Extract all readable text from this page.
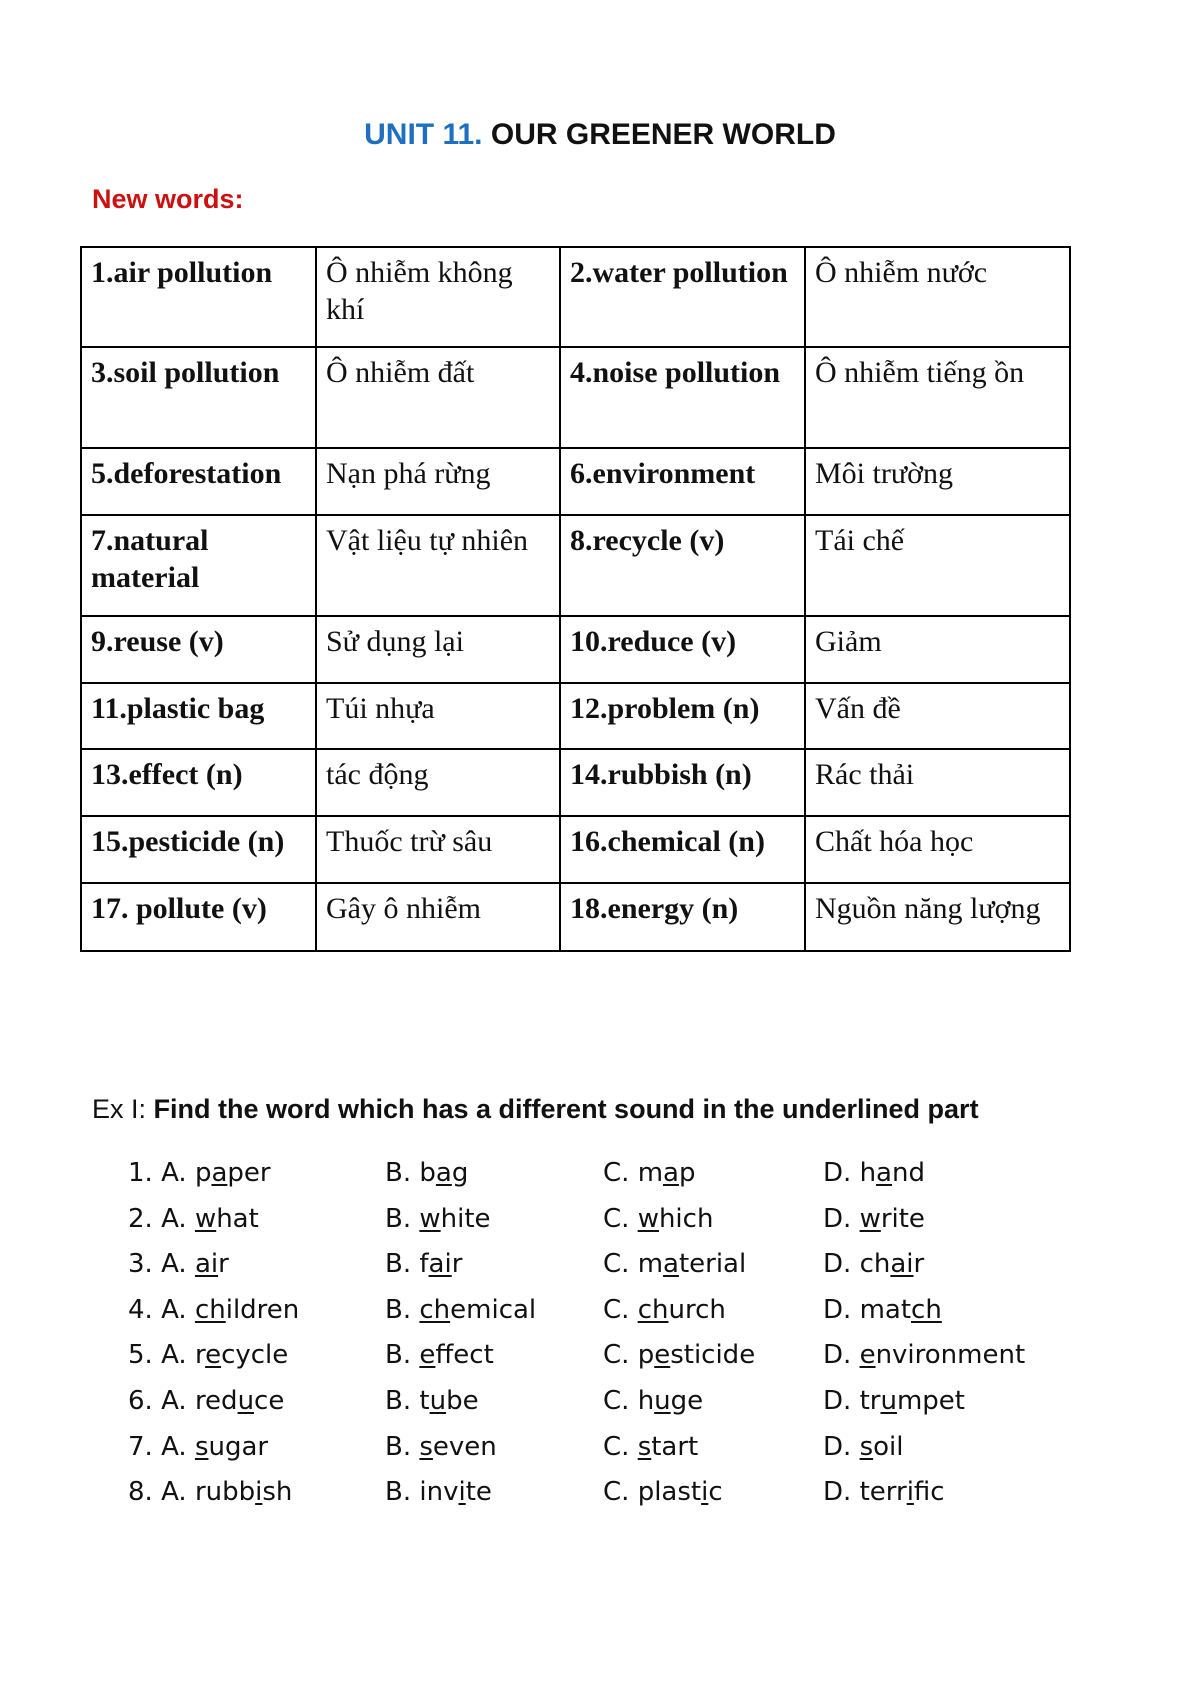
UNIT 11. OUR GREENER WORLD
New words:
1.air pollution	Ô nhiễm không khí	2.water pollution	Ô nhiễm nước
3.soil pollution	Ô nhiễm đất	4.noise pollution	Ô nhiễm tiếng ồn
5.deforestation	Nạn phá rừng	6.environment	Môi trường
7.natural material	Vật liệu tự nhiên	8.recycle (v)	Tái chế
9.reuse (v)	Sử dụng lại	10.reduce (v)	Giảm
11.plastic bag	Túi nhựa	12.problem (n)	Vấn đề
13.effect (n)	tác động	14.rubbish (n)	Rác thải
15.pesticide (n)	Thuốc trừ sâu	16.chemical (n)	Chất hóa học
17. pollute (v)	Gây ô nhiễm	18.energy (n)	Nguồn năng lượng
Ex I: Find the word which has a different sound in the underlined part
1. A. paper	B. bag	C. map	D. hand
2. A. what	B. white	C. which	D. write
3. A. air	B. fair	C. material	D. chair
4. A. children	B. chemical	C. church	D. match
5. A. recycle	B. effect	C. pesticide	D. environment
6. A. reduce	B. tube	C. huge	D. trumpet
7. A. sugar	B. seven	C. start	D. soil
8. A. rubbish	B. invite	C. plastic	D. terrific
